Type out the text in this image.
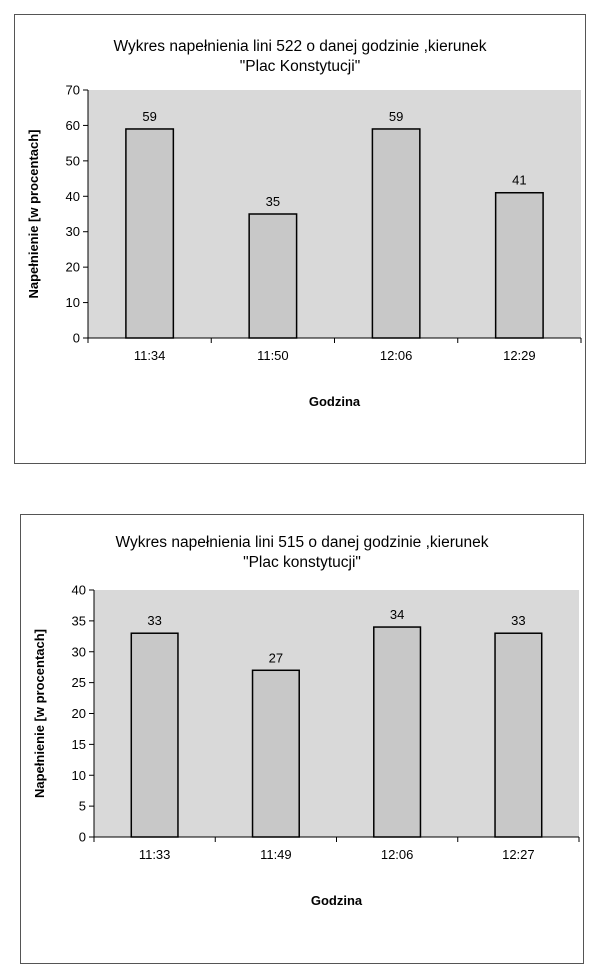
Wykres napełnienia lini 522 o danej godzinie ,kierunek
"Plac Konstytucji"
0
10
20
30
40
50
60
70
59
11:34
35
11:50
59
12:06
41
12:29
Godzina
Napełnienie [w procentach]
Wykres napełnienia lini 515 o danej godzinie ,kierunek
"Plac konstytucji"
0
5
10
15
20
25
30
35
40
33
11:33
27
11:49
34
12:06
33
12:27
Godzina
Napełnienie [w procentach]
